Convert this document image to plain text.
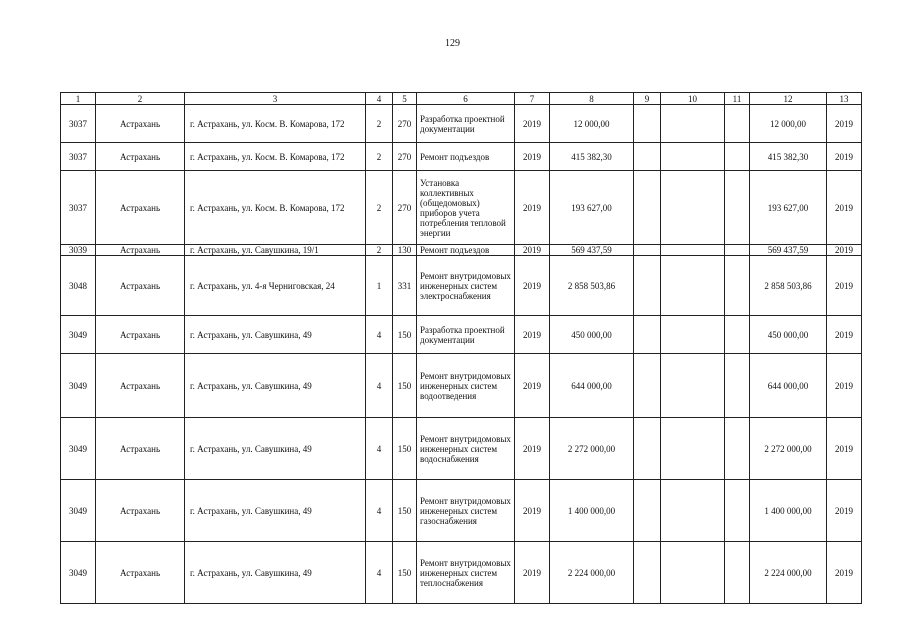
129
1	2	3	4	5	6	7	8	9	10	11	12	13
3037	Астрахань	г. Астрахань, ул. Косм. В. Комарова, 172	2	270	Разработка проектной документации	2019	12 000,00				12 000,00	2019
3037	Астрахань	г. Астрахань, ул. Косм. В. Комарова, 172	2	270	Ремонт подъездов	2019	415 382,30				415 382,30	2019
3037	Астрахань	г. Астрахань, ул. Косм. В. Комарова, 172	2	270	Установка коллективных (общедомовых) приборов учета потребления тепловой энергии	2019	193 627,00				193 627,00	2019
3039	Астрахань	г. Астрахань, ул. Савушкина, 19/1	2	130	Ремонт подъездов	2019	569 437,59				569 437,59	2019
3048	Астрахань	г. Астрахань, ул. 4-я Черниговская, 24	1	331	Ремонт внутридомовых инженерных систем электроснабжения	2019	2 858 503,86				2 858 503,86	2019
3049	Астрахань	г. Астрахань, ул. Савушкина, 49	4	150	Разработка проектной документации	2019	450 000,00				450 000,00	2019
3049	Астрахань	г. Астрахань, ул. Савушкина, 49	4	150	Ремонт внутридомовых инженерных систем водоотведения	2019	644 000,00				644 000,00	2019
3049	Астрахань	г. Астрахань, ул. Савушкина, 49	4	150	Ремонт внутридомовых инженерных систем водоснабжения	2019	2 272 000,00				2 272 000,00	2019
3049	Астрахань	г. Астрахань, ул. Савушкина, 49	4	150	Ремонт внутридомовых инженерных систем газоснабжения	2019	1 400 000,00				1 400 000,00	2019
3049	Астрахань	г. Астрахань, ул. Савушкина, 49	4	150	Ремонт внутридомовых инженерных систем теплоснабжения	2019	2 224 000,00				2 224 000,00	2019
